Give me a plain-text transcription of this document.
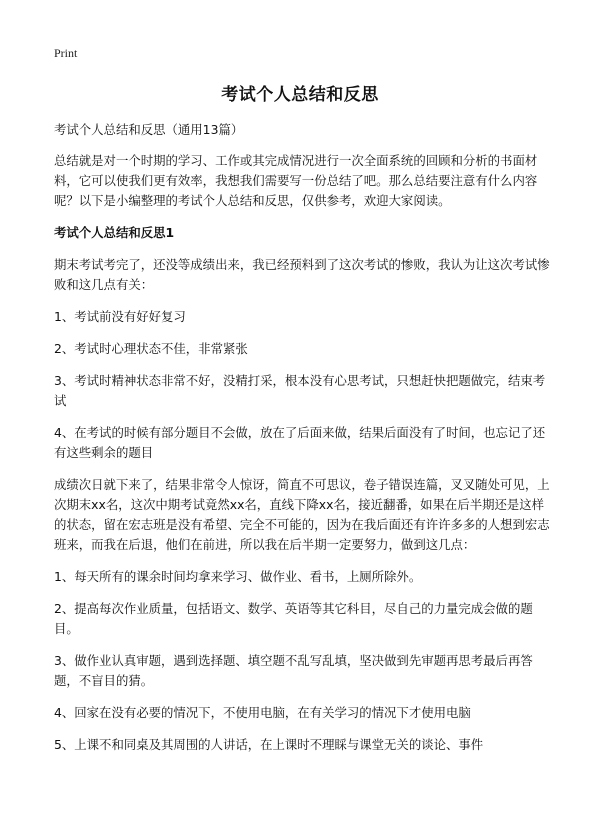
Print
考试个人总结和反思
考试个人总结和反思（通用13篇）
总结就是对一个时期的学习、工作或其完成情况进行一次全面系统的回顾和分析的书面材料，它可以使我们更有效率，我想我们需要写一份总结了吧。那么总结要注意有什么内容呢？以下是小编整理的考试个人总结和反思，仅供参考，欢迎大家阅读。
考试个人总结和反思1
期末考试考完了，还没等成绩出来，我已经预料到了这次考试的惨败，我认为让这次考试惨败和这几点有关：
1、考试前没有好好复习
2、考试时心理状态不佳，非常紧张
3、考试时精神状态非常不好，没精打采，根本没有心思考试，只想赶快把题做完，结束考试
4、在考试的时候有部分题目不会做，放在了后面来做，结果后面没有了时间，也忘记了还有这些剩余的题目
成绩次日就下来了，结果非常令人惊讶，简直不可思议，卷子错误连篇，叉叉随处可见，上次期末xx名，这次中期考试竟然xx名，直线下降xx名，接近翻番，如果在后半期还是这样的状态，留在宏志班是没有希望、完全不可能的，因为在我后面还有许许多多的人想到宏志班来，而我在后退，他们在前进，所以我在后半期一定要努力，做到这几点：
1、每天所有的课余时间均拿来学习、做作业、看书，上厕所除外。
2、提高每次作业质量，包括语文、数学、英语等其它科目，尽自己的力量完成会做的题目。
3、做作业认真审题，遇到选择题、填空题不乱写乱填，坚决做到先审题再思考最后再答题，不盲目的猜。
4、回家在没有必要的情况下，不使用电脑，在有关学习的情况下才使用电脑
5、上课不和同桌及其周围的人讲话，在上课时不理睬与课堂无关的谈论、事件
